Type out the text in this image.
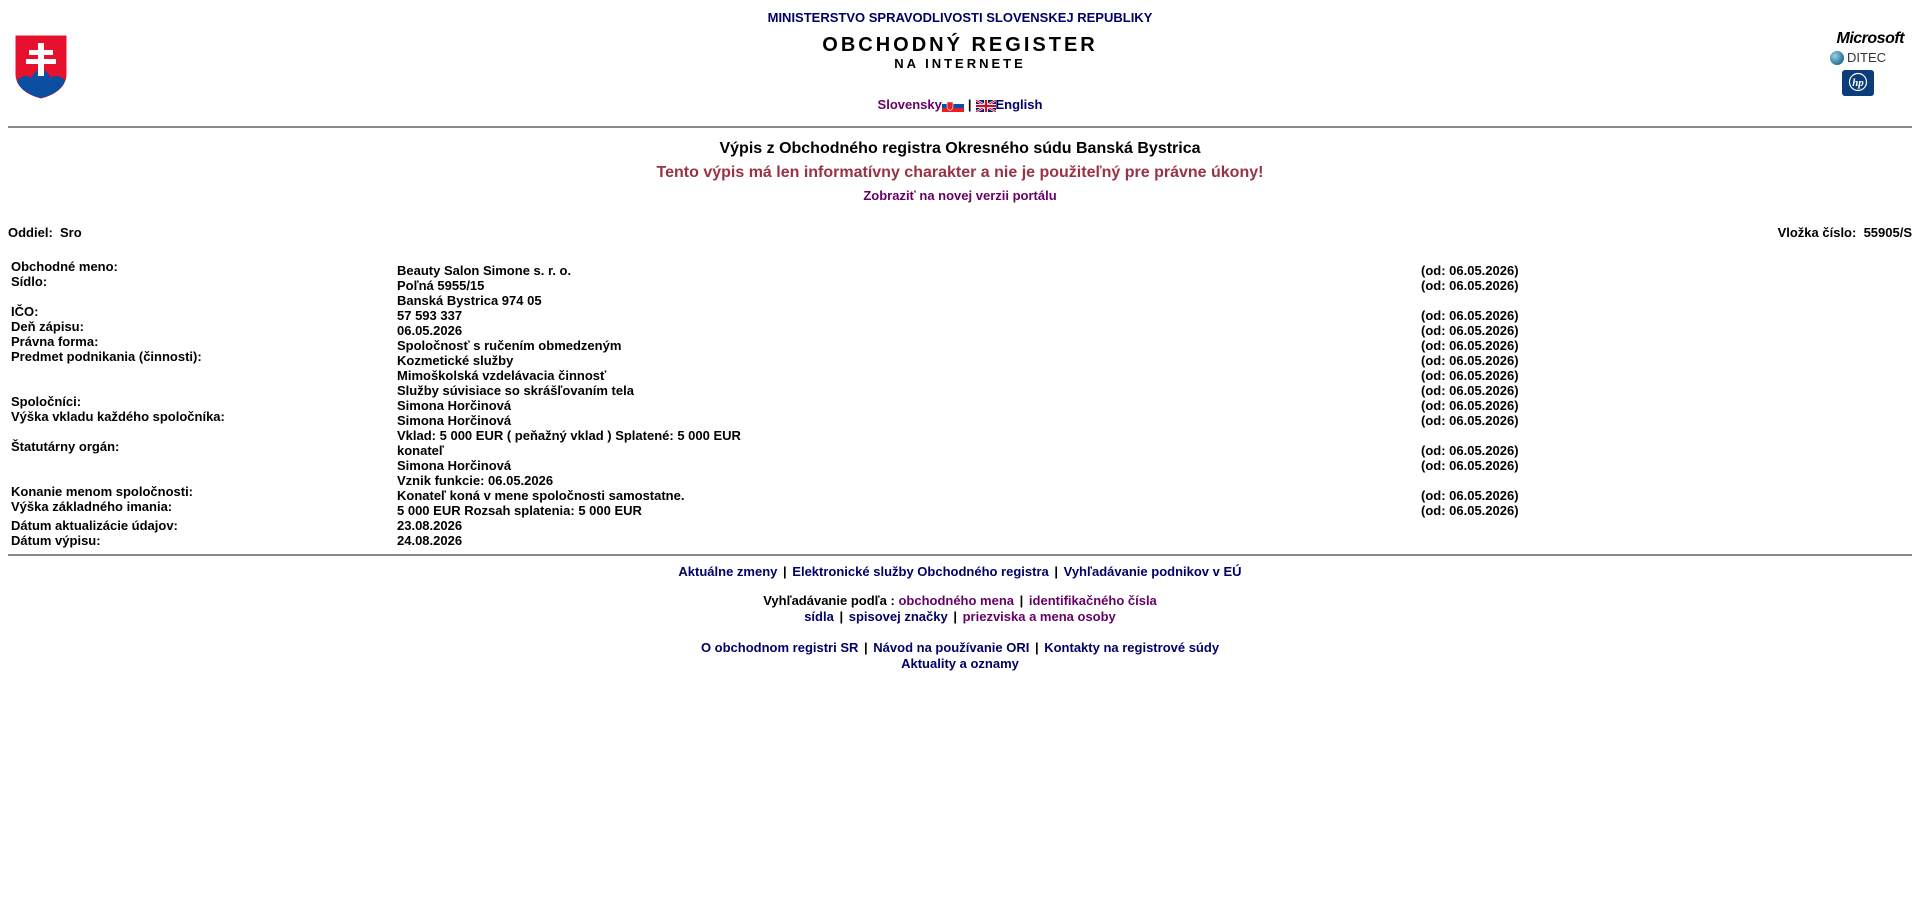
MINISTERSTVO SPRAVODLIVOSTI SLOVENSKEJ REPUBLIKY
OBCHODNÝ REGISTER
NA INTERNETE
Slovensky	|	English
Microsoft
DITEC
hp
Výpis z Obchodného registra Okresného súdu Banská Bystrica
Tento výpis má len informatívny charakter a nie je použiteľný pre právne úkony!
Zobraziť na novej verzii portálu
Oddiel: Sro	Vložka číslo: 55905/S
Obchodné meno:	Beauty Salon Simone s. r. o.	(od: 06.05.2026)

Sídlo:	Poľná 5955/15
Banská Bystrica 974 05	(od: 06.05.2026)

IČO:	57 593 337	(od: 06.05.2026)

Deň zápisu:	06.05.2026	(od: 06.05.2026)

Právna forma:	Spoločnosť s ručením obmedzeným	(od: 06.05.2026)

Predmet podnikania (činnosti):	Kozmetické služby	(od: 06.05.2026)

	Mimoškolská vzdelávacia činnosť	(od: 06.05.2026)

	Služby súvisiace so skrášľovaním tela	(od: 06.05.2026)

Spoločníci:	Simona Horčinová	(od: 06.05.2026)

Výška vkladu každého spoločníka:	Simona Horčinová
Vklad: 5 000 EUR ( peňažný vklad ) Splatené: 5 000 EUR	(od: 06.05.2026)

Štatutárny orgán:	konateľ	(od: 06.05.2026)

	Simona Horčinová
Vznik funkcie: 06.05.2026	(od: 06.05.2026)

Konanie menom spoločnosti:	Konateľ koná v mene spoločnosti samostatne.	(od: 06.05.2026)

Výška základného imania:	5 000 EUR Rozsah splatenia: 5 000 EUR	(od: 06.05.2026)
Dátum aktualizácie údajov:	23.08.2026	
Dátum výpisu:	24.08.2026	
Aktuálne zmeny | Elektronické služby Obchodného registra | Vyhľadávanie podnikov v EÚ
Vyhľadávanie podľa : obchodného mena | identifikačného čísla
sídla | spisovej značky | priezviska a mena osoby
O obchodnom registri SR | Návod na používanie ORI | Kontakty na registrové súdy
Aktuality a oznamy
